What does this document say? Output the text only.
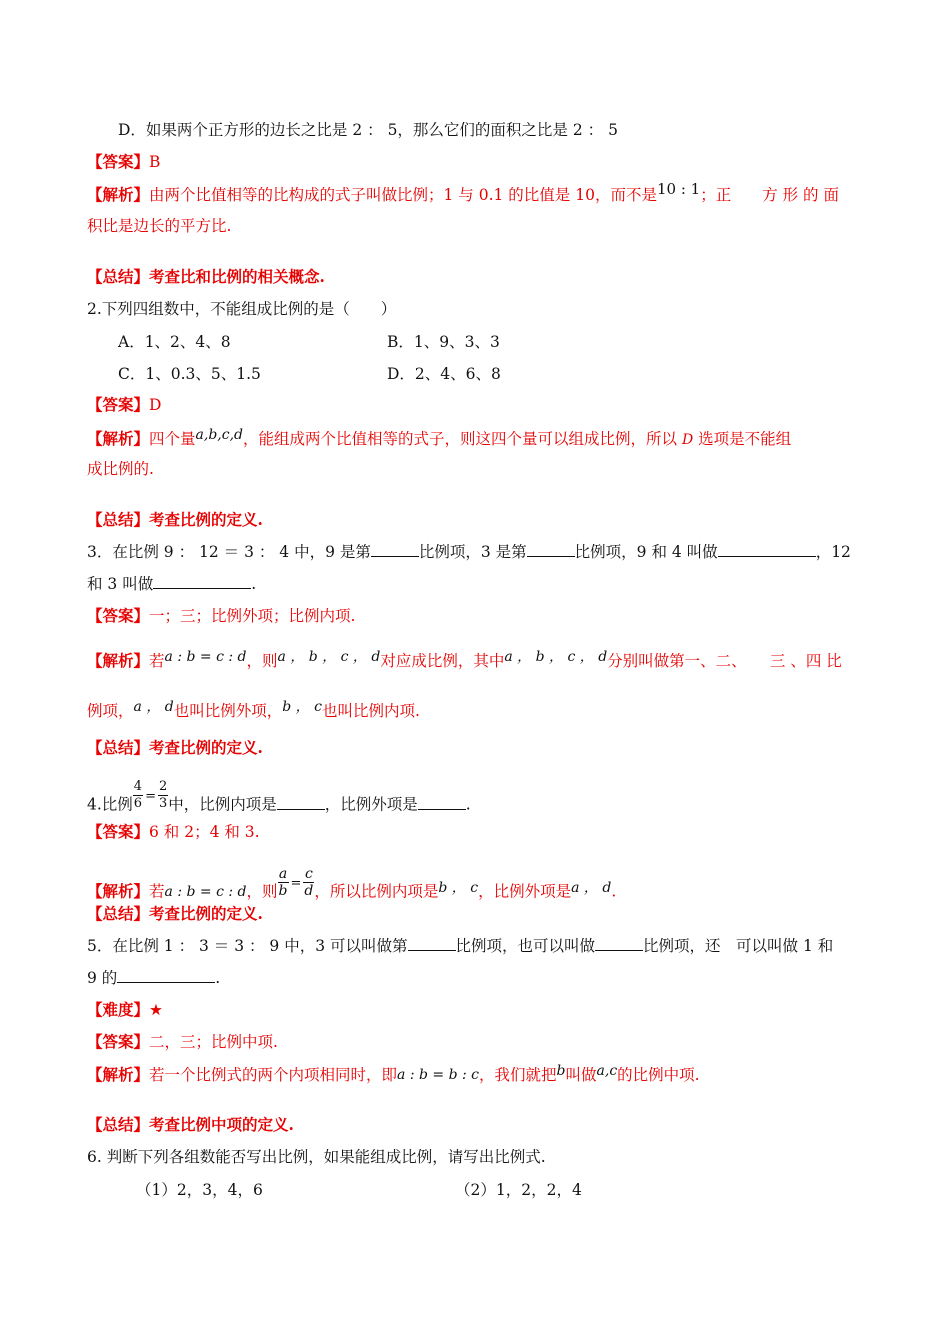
D．如果两个正方形的边长之比是 2 ： 5，那么它们的面积之比是 2 ： 5
【答案】B
【解析】由两个比值相等的比构成的式子叫做比例；1 与 0.1 的比值是 10，而不是10 : 1；正　　方 形 的 面
积比是边长的平方比.
【总结】考查比和比例的相关概念.
2.下列四组数中，不能组成比例的是（　　）
A．1、2、4、8	B．1、9、3、3
C．1、0.3、5、1.5	D．2、4、6、8
【答案】D
【解析】四个量a,b,c,d，能组成两个比值相等的式子，则这四个量可以组成比例，所以 D 选项是不能组
成比例的.
【总结】考查比例的定义.
3．在比例 9 ： 12 ＝ 3 ： 4 中，9 是第	比例项，3 是第	比例项，9 和 4 叫做	，12
和 3 叫做	.
【答案】一；三；比例外项；比例内项.
【解析】若a : b = c : d，则a ， b ， c ， d对应成比例，其中a ， b ， c ， d分别叫做第一、二、　　三 、四 比
例项，a ， d也叫比例外项，b ， c也叫比例内项.
【总结】考查比例的定义.
4.比例 $\frac{4}{6} ^= \frac{2}{3}$ 中，比例内项是	，比例外项是	.
【答案】6 和 2；4 和 3.
【解析】若a : b = c : d，则 $\frac{a}{b} ^= \frac{c}{d}$ ，所以比例内项是b ， c，比例外项是a ， d.
【总结】考查比例的定义.
5．在比例 1 ： 3 ＝ 3 ： 9 中，3 可以叫做第	比例项，也可以叫做	比例项，还　可以叫做 1 和
9 的	.
【难度】★
【答案】二，三；比例中项.
【解析】若一个比例式的两个内项相同时，即a : b = b : c，我们就把b叫做a,c的比例中项.
【总结】考查比例中项的定义.
6. 判断下列各组数能否写出比例，如果能组成比例，请写出比例式.
（1）2，3，4，6	（2）1，2，2，4
